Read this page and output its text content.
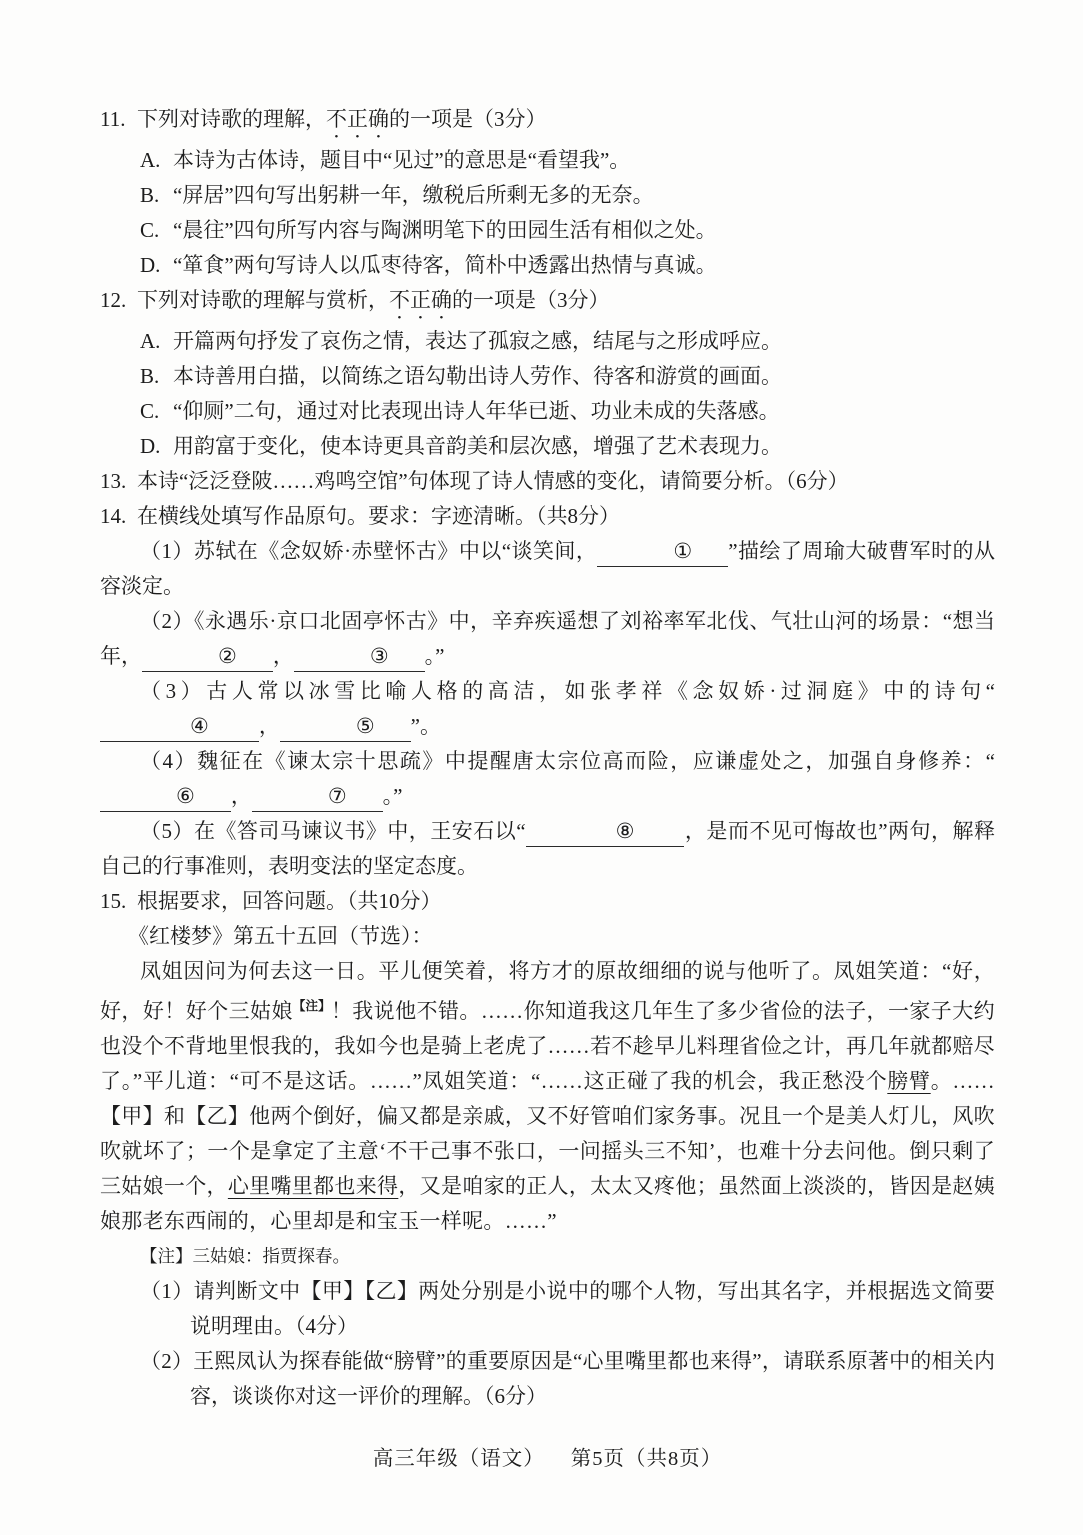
11. 下列对诗歌的理解，不正确的一项是（3分）
A. 本诗为古体诗，题目中“见过”的意思是“看望我”。
B. “屏居”四句写出躬耕一年，缴税后所剩无多的无奈。
C. “晨往”四句所写内容与陶渊明笔下的田园生活有相似之处。
D. “箪食”两句写诗人以瓜枣待客，简朴中透露出热情与真诚。
12. 下列对诗歌的理解与赏析，不正确的一项是（3分）
A. 开篇两句抒发了哀伤之情，表达了孤寂之感，结尾与之形成呼应。
B. 本诗善用白描，以简练之语勾勒出诗人劳作、待客和游赏的画面。
C. “仰厕”二句，通过对比表现出诗人年华已逝、功业未成的失落感。
D. 用韵富于变化，使本诗更具音韵美和层次感，增强了艺术表现力。
13. 本诗“泛泛登陂……鸡鸣空馆”句体现了诗人情感的变化，请简要分析。（6分）
14. 在横线处填写作品原句。要求：字迹清晰。（共8分）

（1）苏轼在《念奴娇·赤壁怀古》中以“谈笑间，	① ”描绘了周瑜大破曹军时的从容淡定。

（2）《永遇乐·京口北固亭怀古》中，辛弃疾遥想了刘裕率军北伐、气壮山河的场景：“想当年，	② ，	③ 。”

（3）古人常以冰雪比喻人格的高洁，如张孝祥《念奴娇·过洞庭》中的诗句“④ ，	⑤ ”。

（4）魏征在《谏太宗十思疏》中提醒唐太宗位高而险，应谦虚处之，加强自身修养：“⑥ ，	⑦ 。”

（5）在《答司马谏议书》中，王安石以“	⑧ ，是而不见可悔故也”两句，解释自己的行事准则，表明变法的坚定态度。

15. 根据要求，回答问题。（共10分）
《红楼梦》第五十五回（节选）：

凤姐因问为何去这一日。平儿便笑着，将方才的原故细细的说与他听了。凤姐笑道：“好，好，好！好个三姑娘$^{【注】}$！我说他不错。……你知道我这几年生了多少省俭的法子，一家子大约也没个不背地里恨我的，我如今也是骑上老虎了……若不趁早儿料理省俭之计，再几年就都赔尽了。”平儿道：“可不是这话。……”凤姐笑道：“……这正碰了我的机会，我正愁没个膀臂。……【甲】和【乙】他两个倒好，偏又都是亲戚，又不好管咱们家务事。况且一个是美人灯儿，风吹吹就坏了；一个是拿定了主意‘不干己事不张口，一问摇头三不知’，也难十分去问他。倒只剩了三姑娘一个，心里嘴里都也来得，又是咱家的正人，太太又疼他；虽然面上淡淡的，皆因是赵姨娘那老东西闹的，心里却是和宝玉一样呢。……”

【注】三姑娘：指贾探春。

（1）请判断文中【甲】【乙】两处分别是小说中的哪个人物，写出其名字，并根据选文简要说明理由。（4分）

（2）王熙凤认为探春能做“膀臂”的重要原因是“心里嘴里都也来得”，请联系原著中的相关内容，谈谈你对这一评价的理解。（6分）

高三年级（语文） 第5页（共8页）
